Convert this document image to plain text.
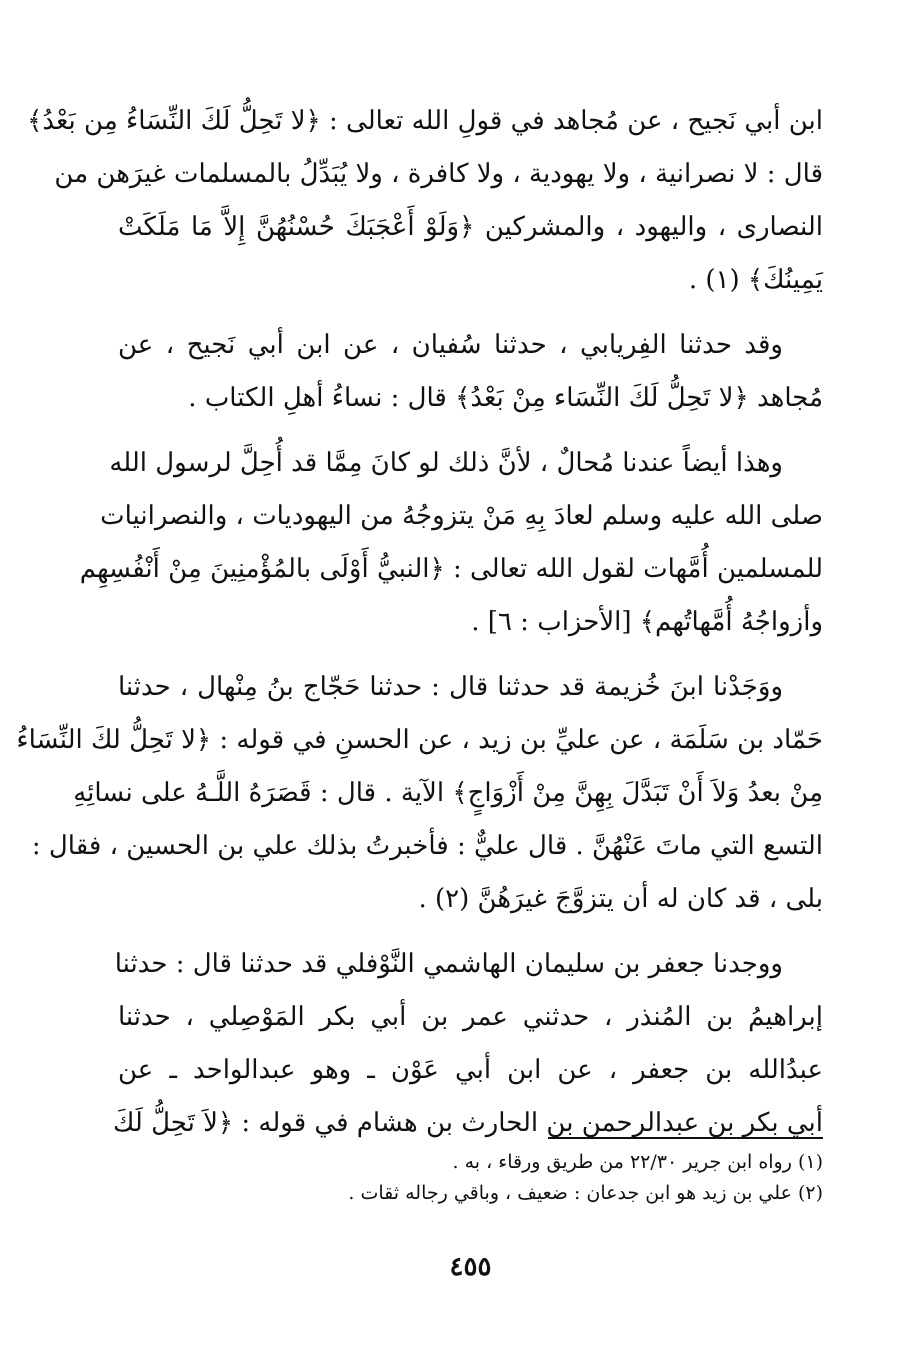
ابن أبي نَجيح ، عن مُجاهد في قولِ الله تعالى : ﴿لا تَحِلُّ لَكَ النِّسَاءُ مِن بَعْدُ﴾
قال : لا نصرانية ، ولا يهودية ، ولا كافرة ، ولا يُبَدِّلُ بالمسلمات غيرَهن من
النصارى ، واليهود ، والمشركين ﴿وَلَوْ أَعْجَبَكَ حُسْنُهُنَّ إِلاَّ مَا مَلَكَتْ
يَمِينُكَ﴾ (١) .
وقد حدثنا الفِريابي ، حدثنا سُفيان ، عن ابن أبي نَجيح ، عن
مُجاهد ﴿لا تَحِلُّ لَكَ النِّسَاء مِنْ بَعْدُ﴾ قال : نساءُ أهلِ الكتاب .
وهذا أيضاً عندنا مُحالٌ ، لأنَّ ذلك لو كانَ مِمَّا قد أُحِلَّ لرسول الله
صلى الله عليه وسلم لعادَ بِهِ مَنْ يتزوجُهُ من اليهوديات ، والنصرانيات
للمسلمين أُمَّهات لقول الله تعالى : ﴿النبيُّ أَوْلَى بالمُؤْمنِينَ مِنْ أَنْفُسِهِم
وأزواجُهُ أُمَّهاتُهم﴾ [الأحزاب : ٦] .
ووَجَدْنا ابنَ خُزيمة قد حدثنا قال : حدثنا حَجّاج بنُ مِنْهال ، حدثنا
حَمّاد بن سَلَمَة ، عن عليِّ بن زيد ، عن الحسنِ في قوله : ﴿لا تَحِلُّ لكَ النِّسَاءُ
مِنْ بعدُ وَلاَ أَنْ تَبَدَّلَ بِهِنَّ مِنْ أَزْوَاجٍ﴾ الآية . قال : قَصَرَهُ اللَّـهُ على نسائِهِ
التسع التي ماتَ عَنْهُنَّ . قال عليٌّ : فأخبرتُ بذلك علي بن الحسين ، فقال :
بلى ، قد كان له أن يتزوَّجَ غيرَهُنَّ (٢) .
ووجدنا جعفر بن سليمان الهاشمي النَّوْفلي قد حدثنا قال : حدثنا
إبراهيمُ بن المُنذر ، حدثني عمر بن أبي بكر المَوْصِلي ، حدثنا
عبدُالله بن جعفر ، عن ابن أبي عَوْن ـ وهو عبدالواحد ـ عن
أبي بكر بن عبدالرحمن بن الحارث بن هشام في قوله : ﴿لاَ تَحِلُّ لَكَ
(١) رواه ابن جرير ٢٢/٣٠ من طريق ورقاء ، به .
(٢) علي بن زيد هو ابن جدعان : ضعيف ، وباقي رجاله ثقات .
٤٥٥
